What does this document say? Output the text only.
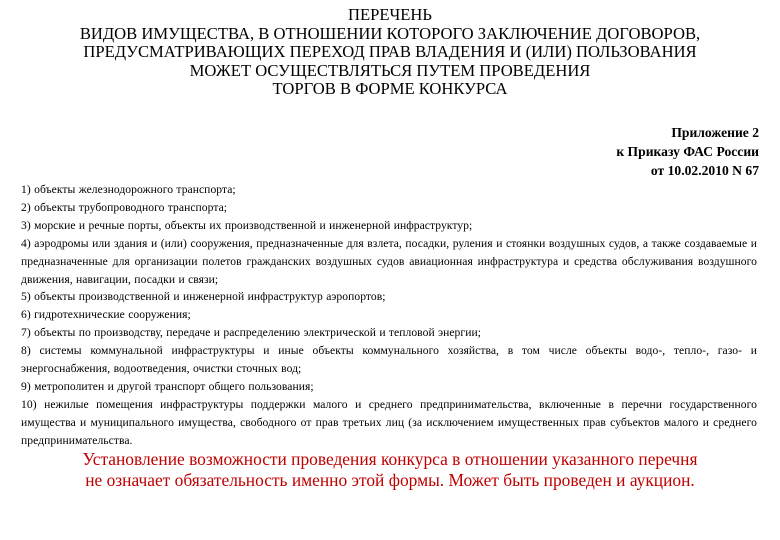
ПЕРЕЧЕНЬ
ВИДОВ ИМУЩЕСТВА, В ОТНОШЕНИИ КОТОРОГО ЗАКЛЮЧЕНИЕ ДОГОВОРОВ,
ПРЕДУСМАТРИВАЮЩИХ ПЕРЕХОД ПРАВ ВЛАДЕНИЯ И (ИЛИ) ПОЛЬЗОВАНИЯ
МОЖЕТ ОСУЩЕСТВЛЯТЬСЯ ПУТЕМ ПРОВЕДЕНИЯ
ТОРГОВ В ФОРМЕ КОНКУРСА
Приложение 2
к Приказу ФАС России
от 10.02.2010 N 67

1) объекты железнодорожного транспорта;

2) объекты трубопроводного транспорта;

3) морские и речные порты, объекты их производственной и инженерной инфраструктур;

4) аэродромы или здания и (или) сооружения, предназначенные для взлета, посадки, руления и стоянки воздушных судов, а также создаваемые и предназначенные для организации полетов гражданских воздушных судов авиационная инфраструктура и средства обслуживания воздушного движения, навигации, посадки и связи;

5) объекты производственной и инженерной инфраструктур аэропортов;

6) гидротехнические сооружения;

7) объекты по производству, передаче и распределению электрической и тепловой энергии;

8) системы коммунальной инфраструктуры и иные объекты коммунального хозяйства, в том числе объекты водо-, тепло-, газо- и энергоснабжения, водоотведения, очистки сточных вод;

9) метрополитен и другой транспорт общего пользования;

10) нежилые помещения инфраструктуры поддержки малого и среднего предпринимательства, включенные в перечни государственного имущества и муниципального имущества, свободного от прав третьих лиц (за исключением имущественных прав субъектов малого и среднего предпринимательства.

Установление возможности проведения конкурса в отношении указанного перечня
не означает обязательность именно этой формы. Может быть проведен и аукцион.
